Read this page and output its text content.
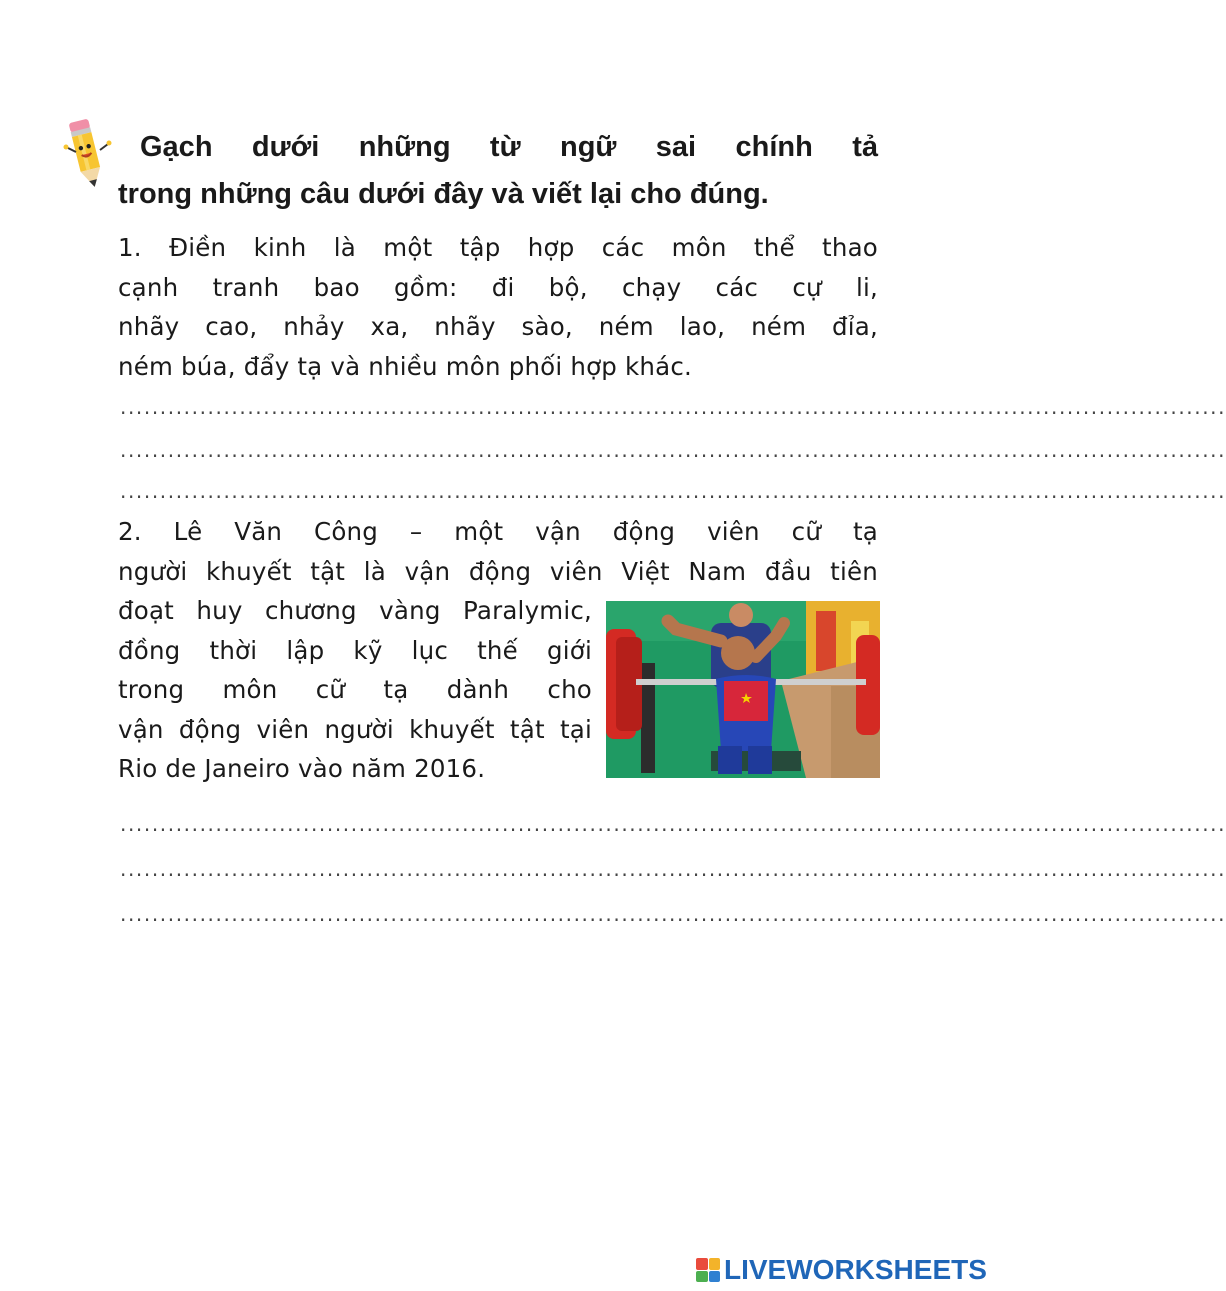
Gạch dưới những từ ngữ sai chính tả
trong những câu dưới đây và viết lại cho đúng.
1. Điền kinh là một tập hợp các môn thể thao
cạnh tranh bao gồm: đi bộ, chạy các cự li,
nhãy cao, nhảy xa, nhãy sào, ném lao, ném đỉa,
ném búa, đẩy tạ và nhiều môn phối hợp khác.
...........................................................................................................................................
...........................................................................................................................................
...........................................................................................................................................
2. Lê Văn Công – một vận động viên cữ tạ
người khuyết tật là vận động viên Việt Nam đầu tiên
đoạt huy chương vàng Paralymic,
đồng thời lập kỹ lục thế giới
trong môn cữ tạ dành cho
vận động viên người khuyết tật tại
Rio de Janeiro vào năm 2016.
...........................................................................................................................................
...........................................................................................................................................
...........................................................................................................................................
LIVEWORKSHEETS
